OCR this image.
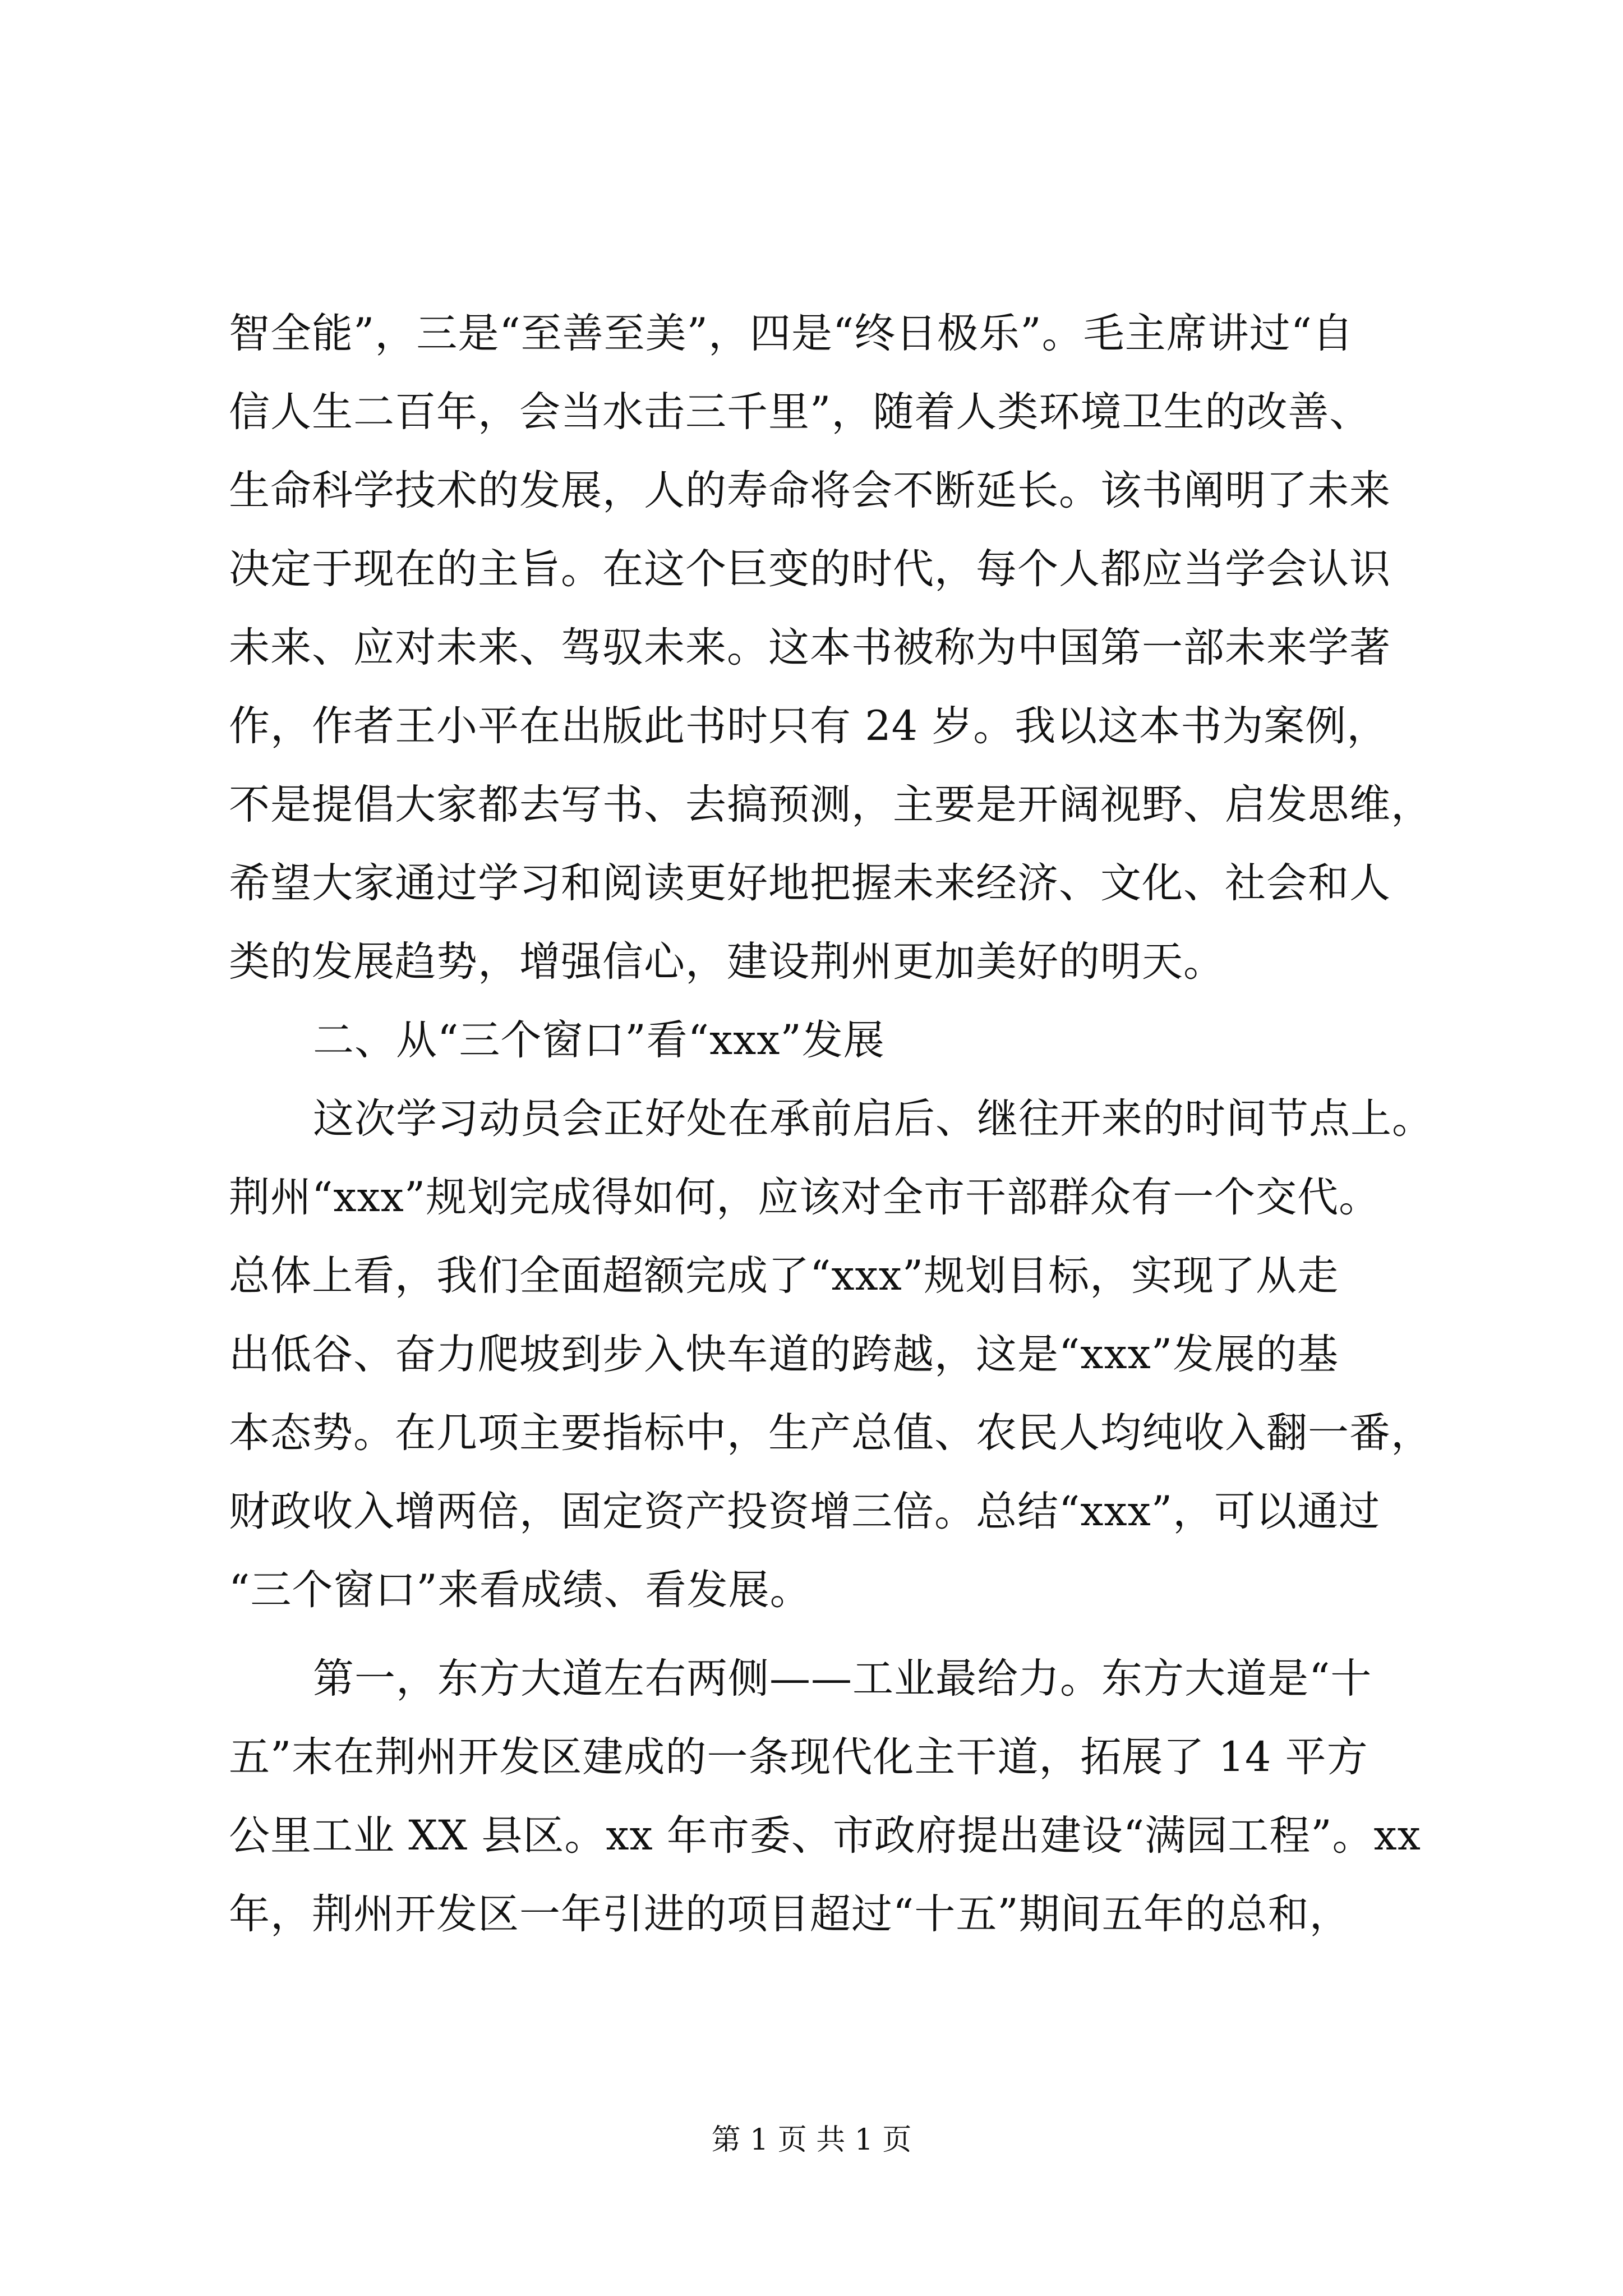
智全能”，三是“至善至美”，四是“终日极乐”。毛主席讲过“自
信人生二百年，会当水击三千里”，随着人类环境卫生的改善、
生命科学技术的发展，人的寿命将会不断延长。该书阐明了未来
决定于现在的主旨。在这个巨变的时代，每个人都应当学会认识
未来、应对未来、驾驭未来。这本书被称为中国第一部未来学著
作，作者王小平在出版此书时只有 24 岁。我以这本书为案例，
不是提倡大家都去写书、去搞预测，主要是开阔视野、启发思维，
希望大家通过学习和阅读更好地把握未来经济、文化、社会和人
类的发展趋势，增强信心，建设荆州更加美好的明天。
二、从“三个窗口”看“xxx”发展
这次学习动员会正好处在承前启后、继往开来的时间节点上。
荆州“xxx”规划完成得如何，应该对全市干部群众有一个交代。
总体上看，我们全面超额完成了“xxx”规划目标，实现了从走
出低谷、奋力爬坡到步入快车道的跨越，这是“xxx”发展的基
本态势。在几项主要指标中，生产总值、农民人均纯收入翻一番，
财政收入增两倍，固定资产投资增三倍。总结“xxx”，可以通过
“三个窗口”来看成绩、看发展。
第一，东方大道左右两侧——工业最给力。东方大道是“十
五”末在荆州开发区建成的一条现代化主干道，拓展了 14 平方
公里工业 XX 县区。xx 年市委、市政府提出建设“满园工程”。xx
年，荆州开发区一年引进的项目超过“十五”期间五年的总和，
第 1 页 共 1 页
